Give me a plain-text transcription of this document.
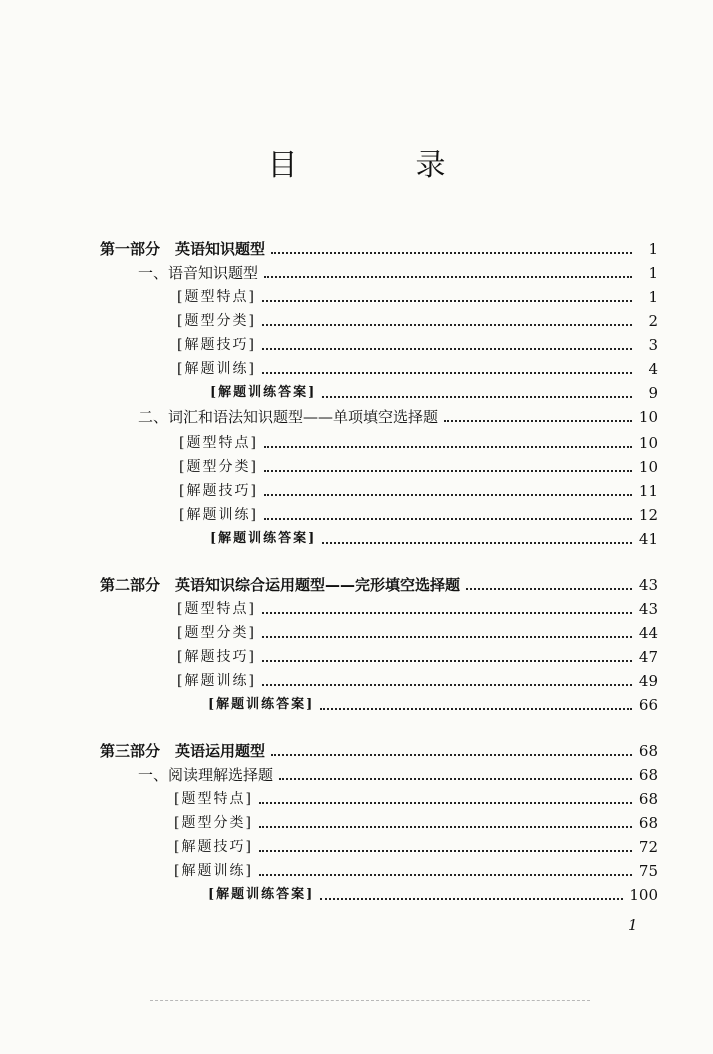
目　录
第一部分　英语知识题型	1
一、语音知识题型	1
[题型特点]	1
[题型分类]	2
[解题技巧]	3
[解题训练]	4
[解题训练答案]	9
二、词汇和语法知识题型——单项填空选择题	10
[题型特点]	10
[题型分类]	10
[解题技巧]	11
[解题训练]	12
[解题训练答案]	41
第二部分　英语知识综合运用题型——完形填空选择题	43
[题型特点]	43
[题型分类]	44
[解题技巧]	47
[解题训练]	49
[解题训练答案]	66
第三部分　英语运用题型	68
一、阅读理解选择题	68
[题型特点]	68
[题型分类]	68
[解题技巧]	72
[解题训练]	75
[解题训练答案]	100
1
